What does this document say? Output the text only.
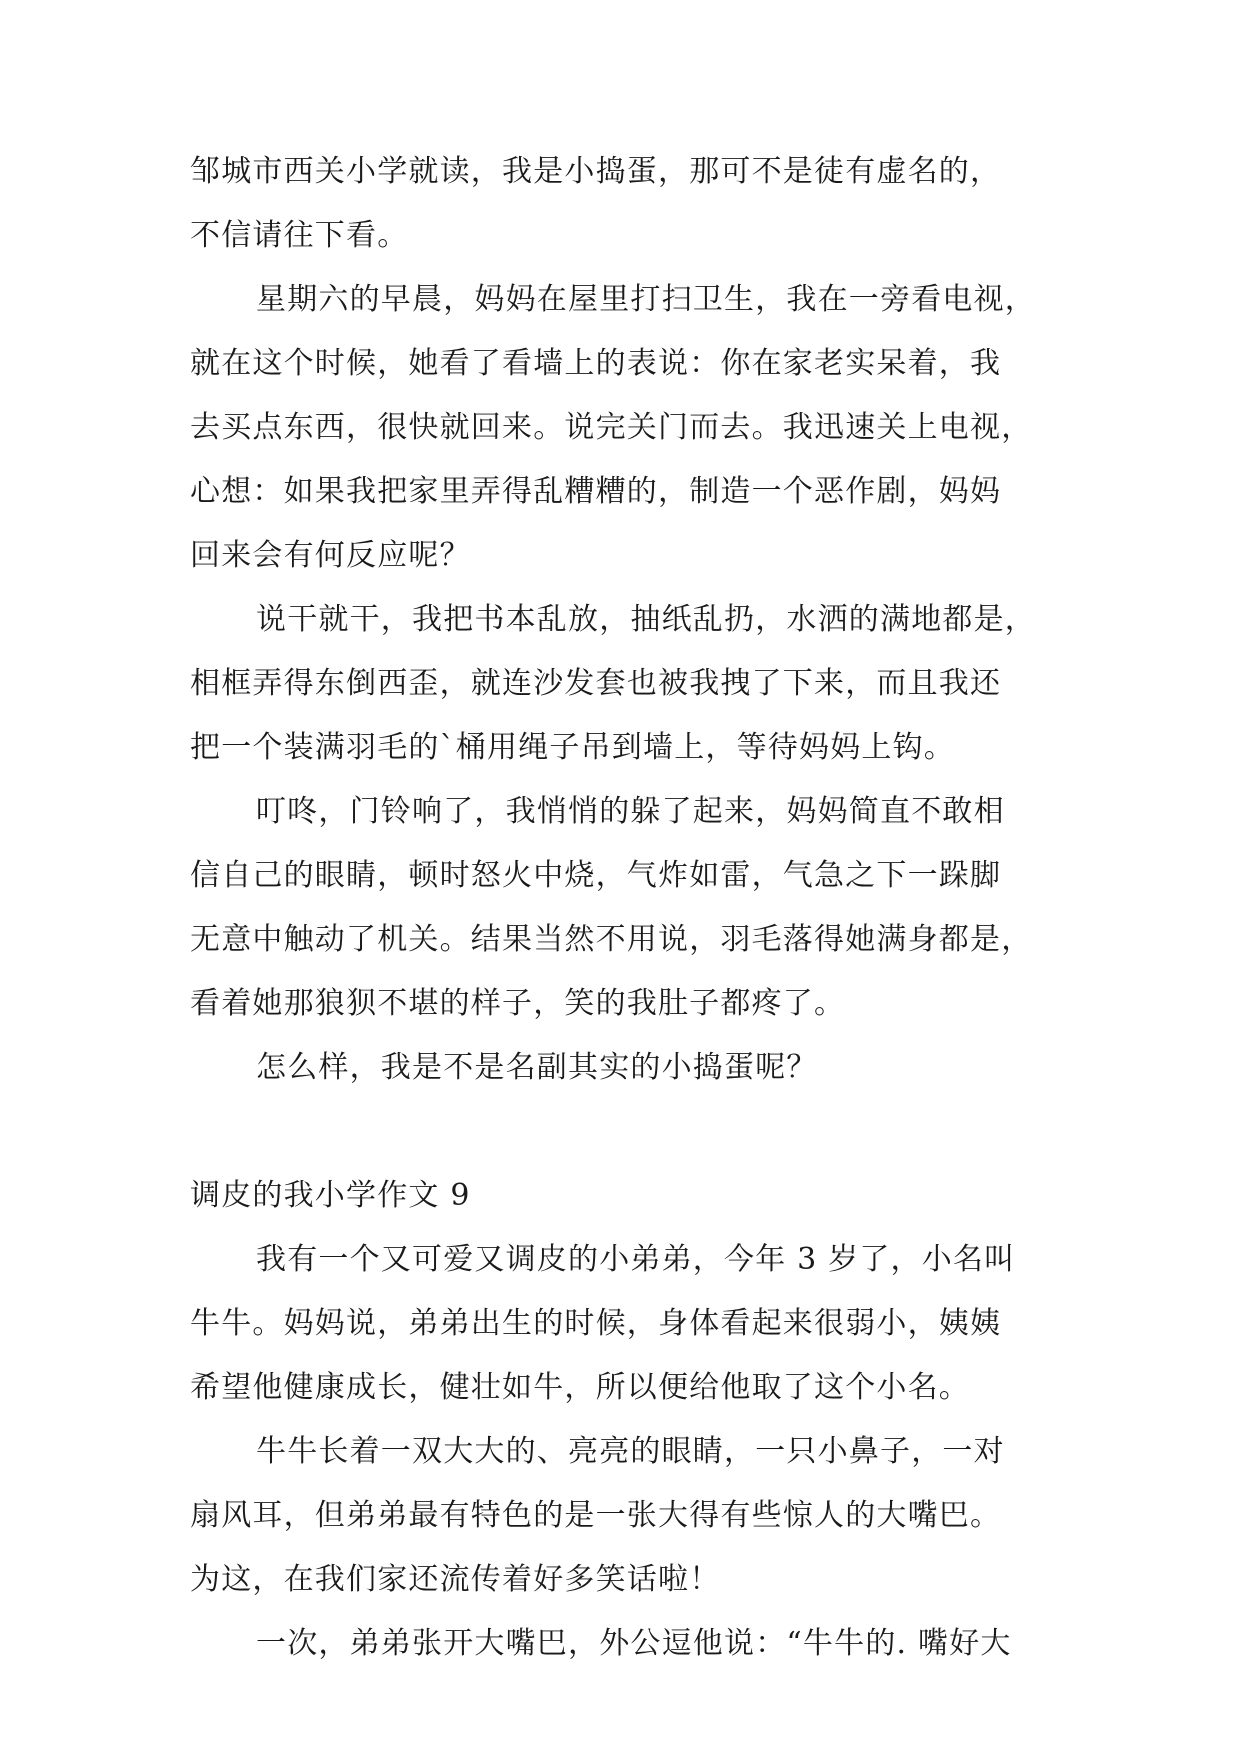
邹城市西关小学就读，我是小捣蛋，那可不是徒有虚名的，
不信请往下看。
星期六的早晨，妈妈在屋里打扫卫生，我在一旁看电视，
就在这个时候，她看了看墙上的表说：你在家老实呆着，我
去买点东西，很快就回来。说完关门而去。我迅速关上电视，
心想：如果我把家里弄得乱糟糟的，制造一个恶作剧，妈妈
回来会有何反应呢？
说干就干，我把书本乱放，抽纸乱扔，水洒的满地都是，
相框弄得东倒西歪，就连沙发套也被我拽了下来，而且我还
把一个装满羽毛的`桶用绳子吊到墙上，等待妈妈上钩。
叮咚，门铃响了，我悄悄的躲了起来，妈妈简直不敢相
信自己的眼睛，顿时怒火中烧，气炸如雷，气急之下一跺脚
无意中触动了机关。结果当然不用说，羽毛落得她满身都是，
看着她那狼狈不堪的样子，笑的我肚子都疼了。
怎么样，我是不是名副其实的小捣蛋呢？
调皮的我小学作文 9
我有一个又可爱又调皮的小弟弟，今年 3 岁了，小名叫
牛牛。妈妈说，弟弟出生的时候，身体看起来很弱小，姨姨
希望他健康成长，健壮如牛，所以便给他取了这个小名。
牛牛长着一双大大的、亮亮的眼睛，一只小鼻子，一对
扇风耳，但弟弟最有特色的是一张大得有些惊人的大嘴巴。
为这，在我们家还流传着好多笑话啦！
一次，弟弟张开大嘴巴，外公逗他说：“牛牛的. 嘴好大
